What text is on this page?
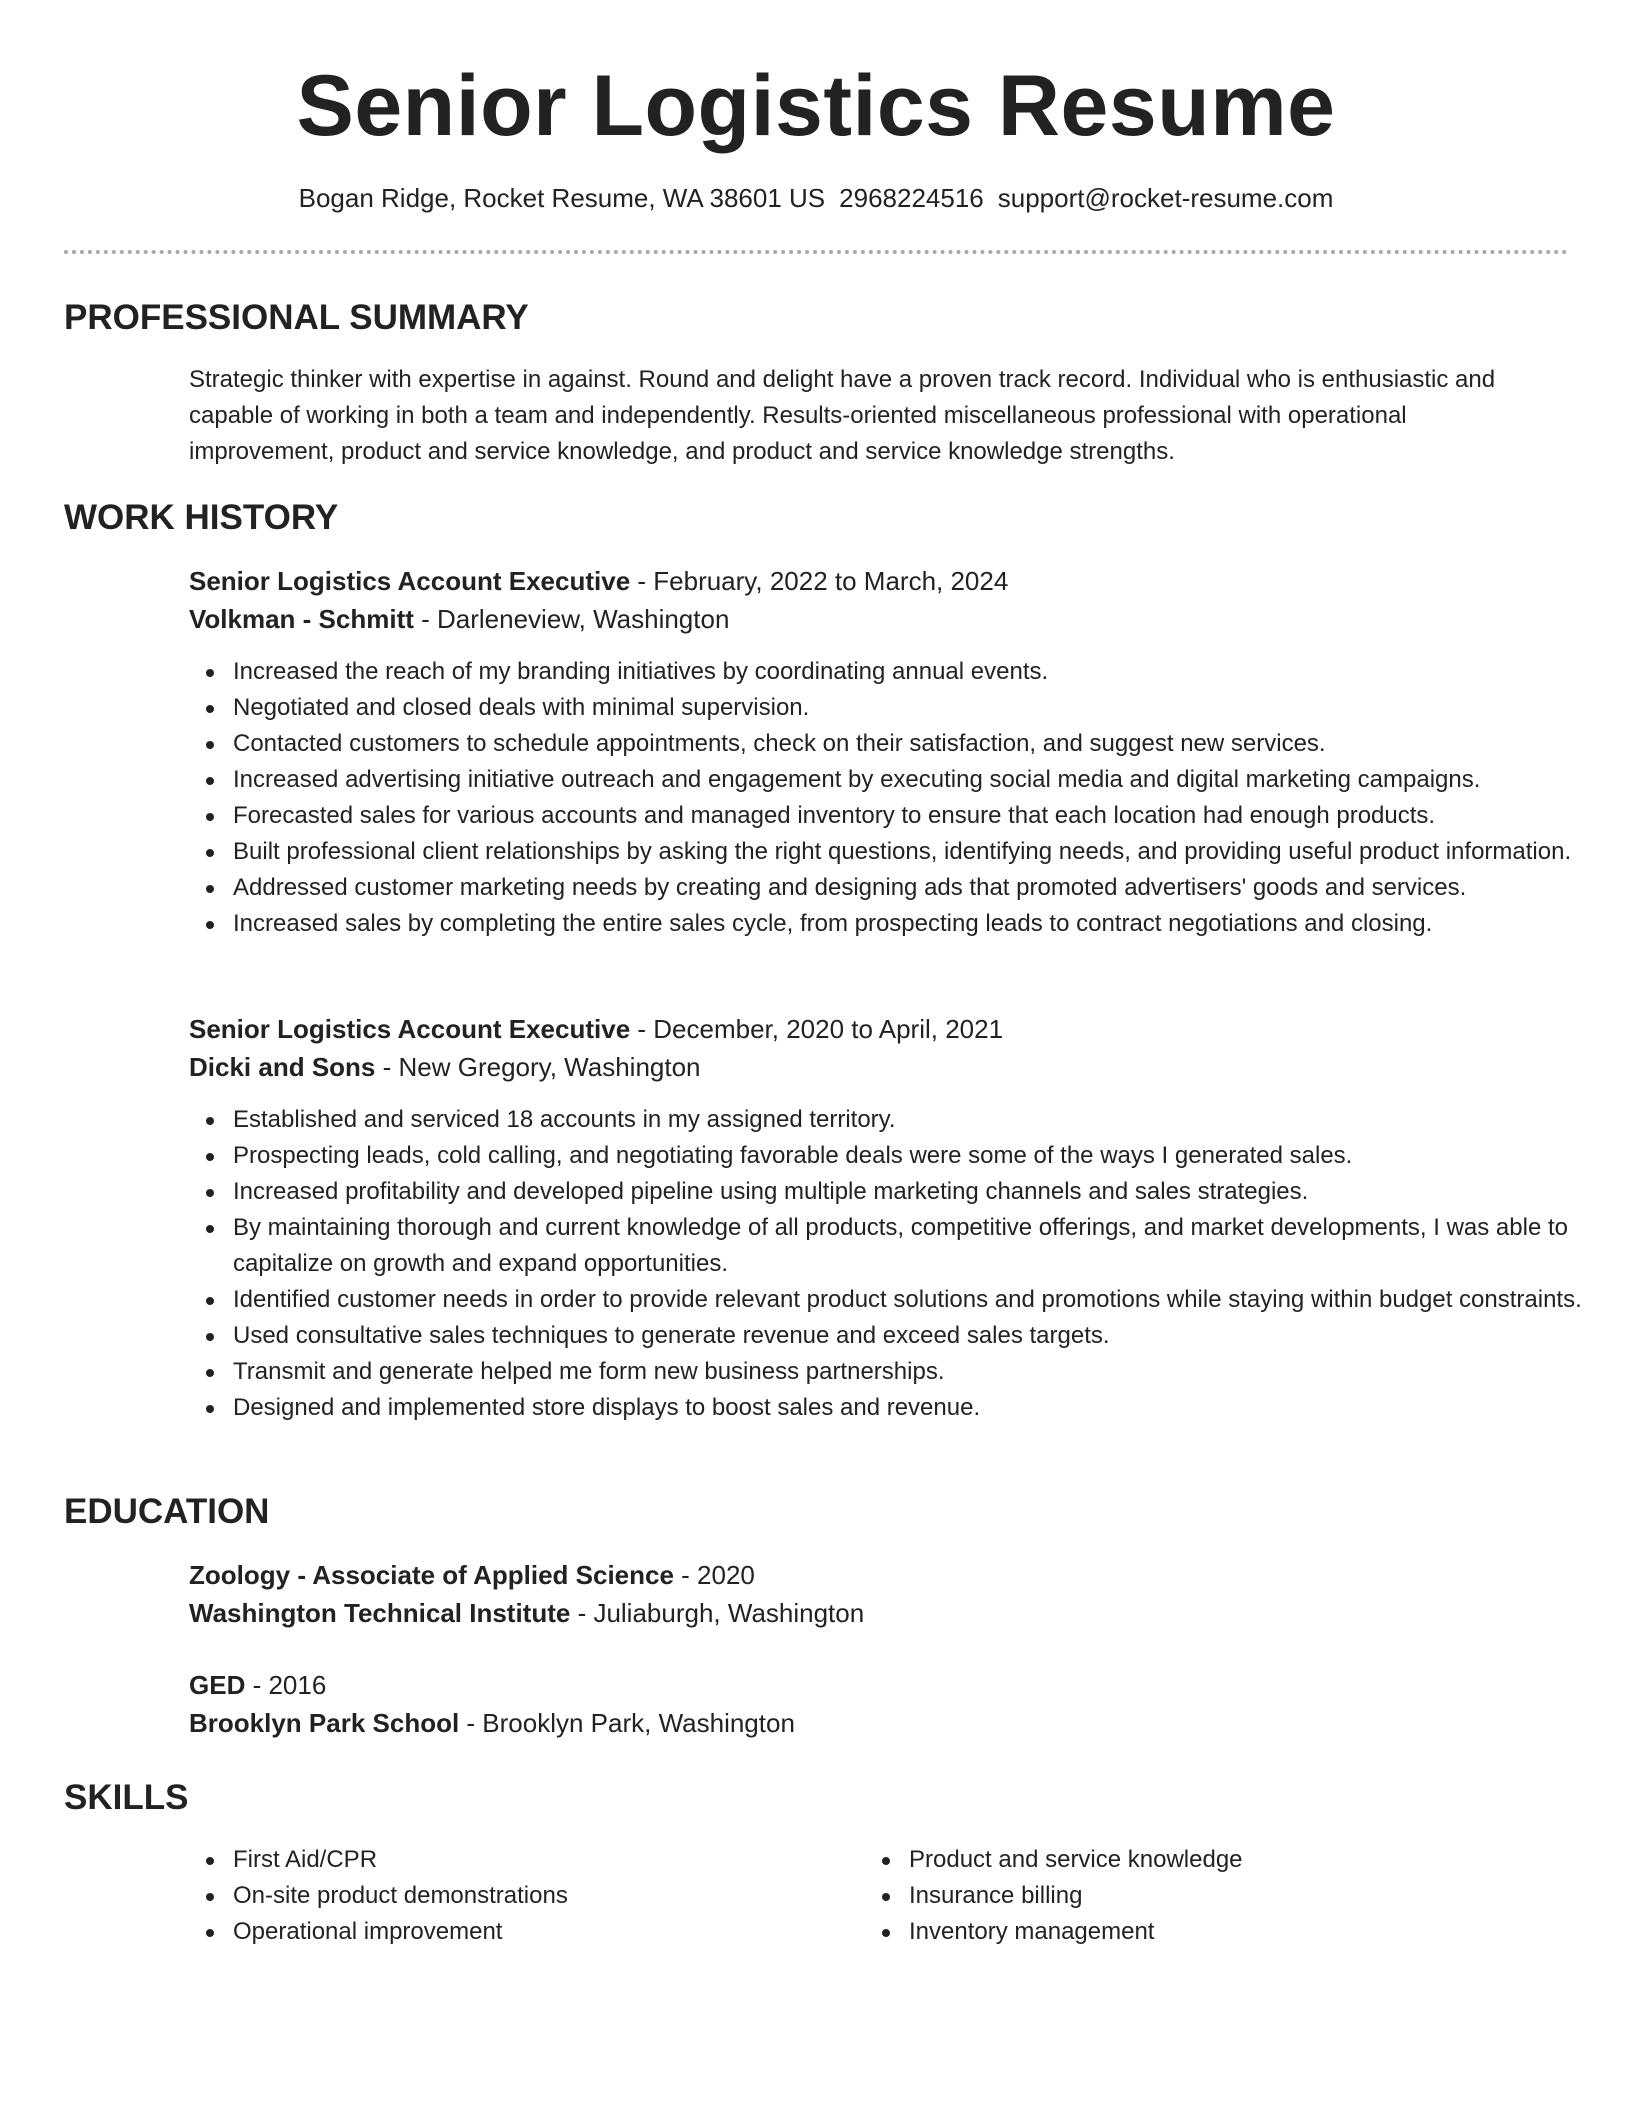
Senior Logistics Resume
Bogan Ridge, Rocket Resume, WA 38601 US 2968224516 support@rocket-resume.com
PROFESSIONAL SUMMARY

Strategic thinker with expertise in against. Round and delight have a proven track record. Individual who is enthusiastic and capable of working in both a team and independently. Results-oriented miscellaneous professional with operational improvement, product and service knowledge, and product and service knowledge strengths.

WORK HISTORY
Senior Logistics Account Executive - February, 2022 to March, 2024
Volkman - Schmitt - Darleneview, Washington
Increased the reach of my branding initiatives by coordinating annual events.
Negotiated and closed deals with minimal supervision.
Contacted customers to schedule appointments, check on their satisfaction, and suggest new services.
Increased advertising initiative outreach and engagement by executing social media and digital marketing campaigns.
Forecasted sales for various accounts and managed inventory to ensure that each location had enough products.
Built professional client relationships by asking the right questions, identifying needs, and providing useful product information.
Addressed customer marketing needs by creating and designing ads that promoted advertisers' goods and services.
Increased sales by completing the entire sales cycle, from prospecting leads to contract negotiations and closing.
Senior Logistics Account Executive - December, 2020 to April, 2021
Dicki and Sons - New Gregory, Washington
Established and serviced 18 accounts in my assigned territory.
Prospecting leads, cold calling, and negotiating favorable deals were some of the ways I generated sales.
Increased profitability and developed pipeline using multiple marketing channels and sales strategies.
By maintaining thorough and current knowledge of all products, competitive offerings, and market developments, I was able to capitalize on growth and expand opportunities.
Identified customer needs in order to provide relevant product solutions and promotions while staying within budget constraints.
Used consultative sales techniques to generate revenue and exceed sales targets.
Transmit and generate helped me form new business partnerships.
Designed and implemented store displays to boost sales and revenue.
EDUCATION
Zoology - Associate of Applied Science - 2020
Washington Technical Institute - Juliaburgh, Washington
GED - 2016
Brooklyn Park School - Brooklyn Park, Washington
SKILLS
First Aid/CPR
On-site product demonstrations
Operational improvement
Product and service knowledge
Insurance billing
Inventory management
